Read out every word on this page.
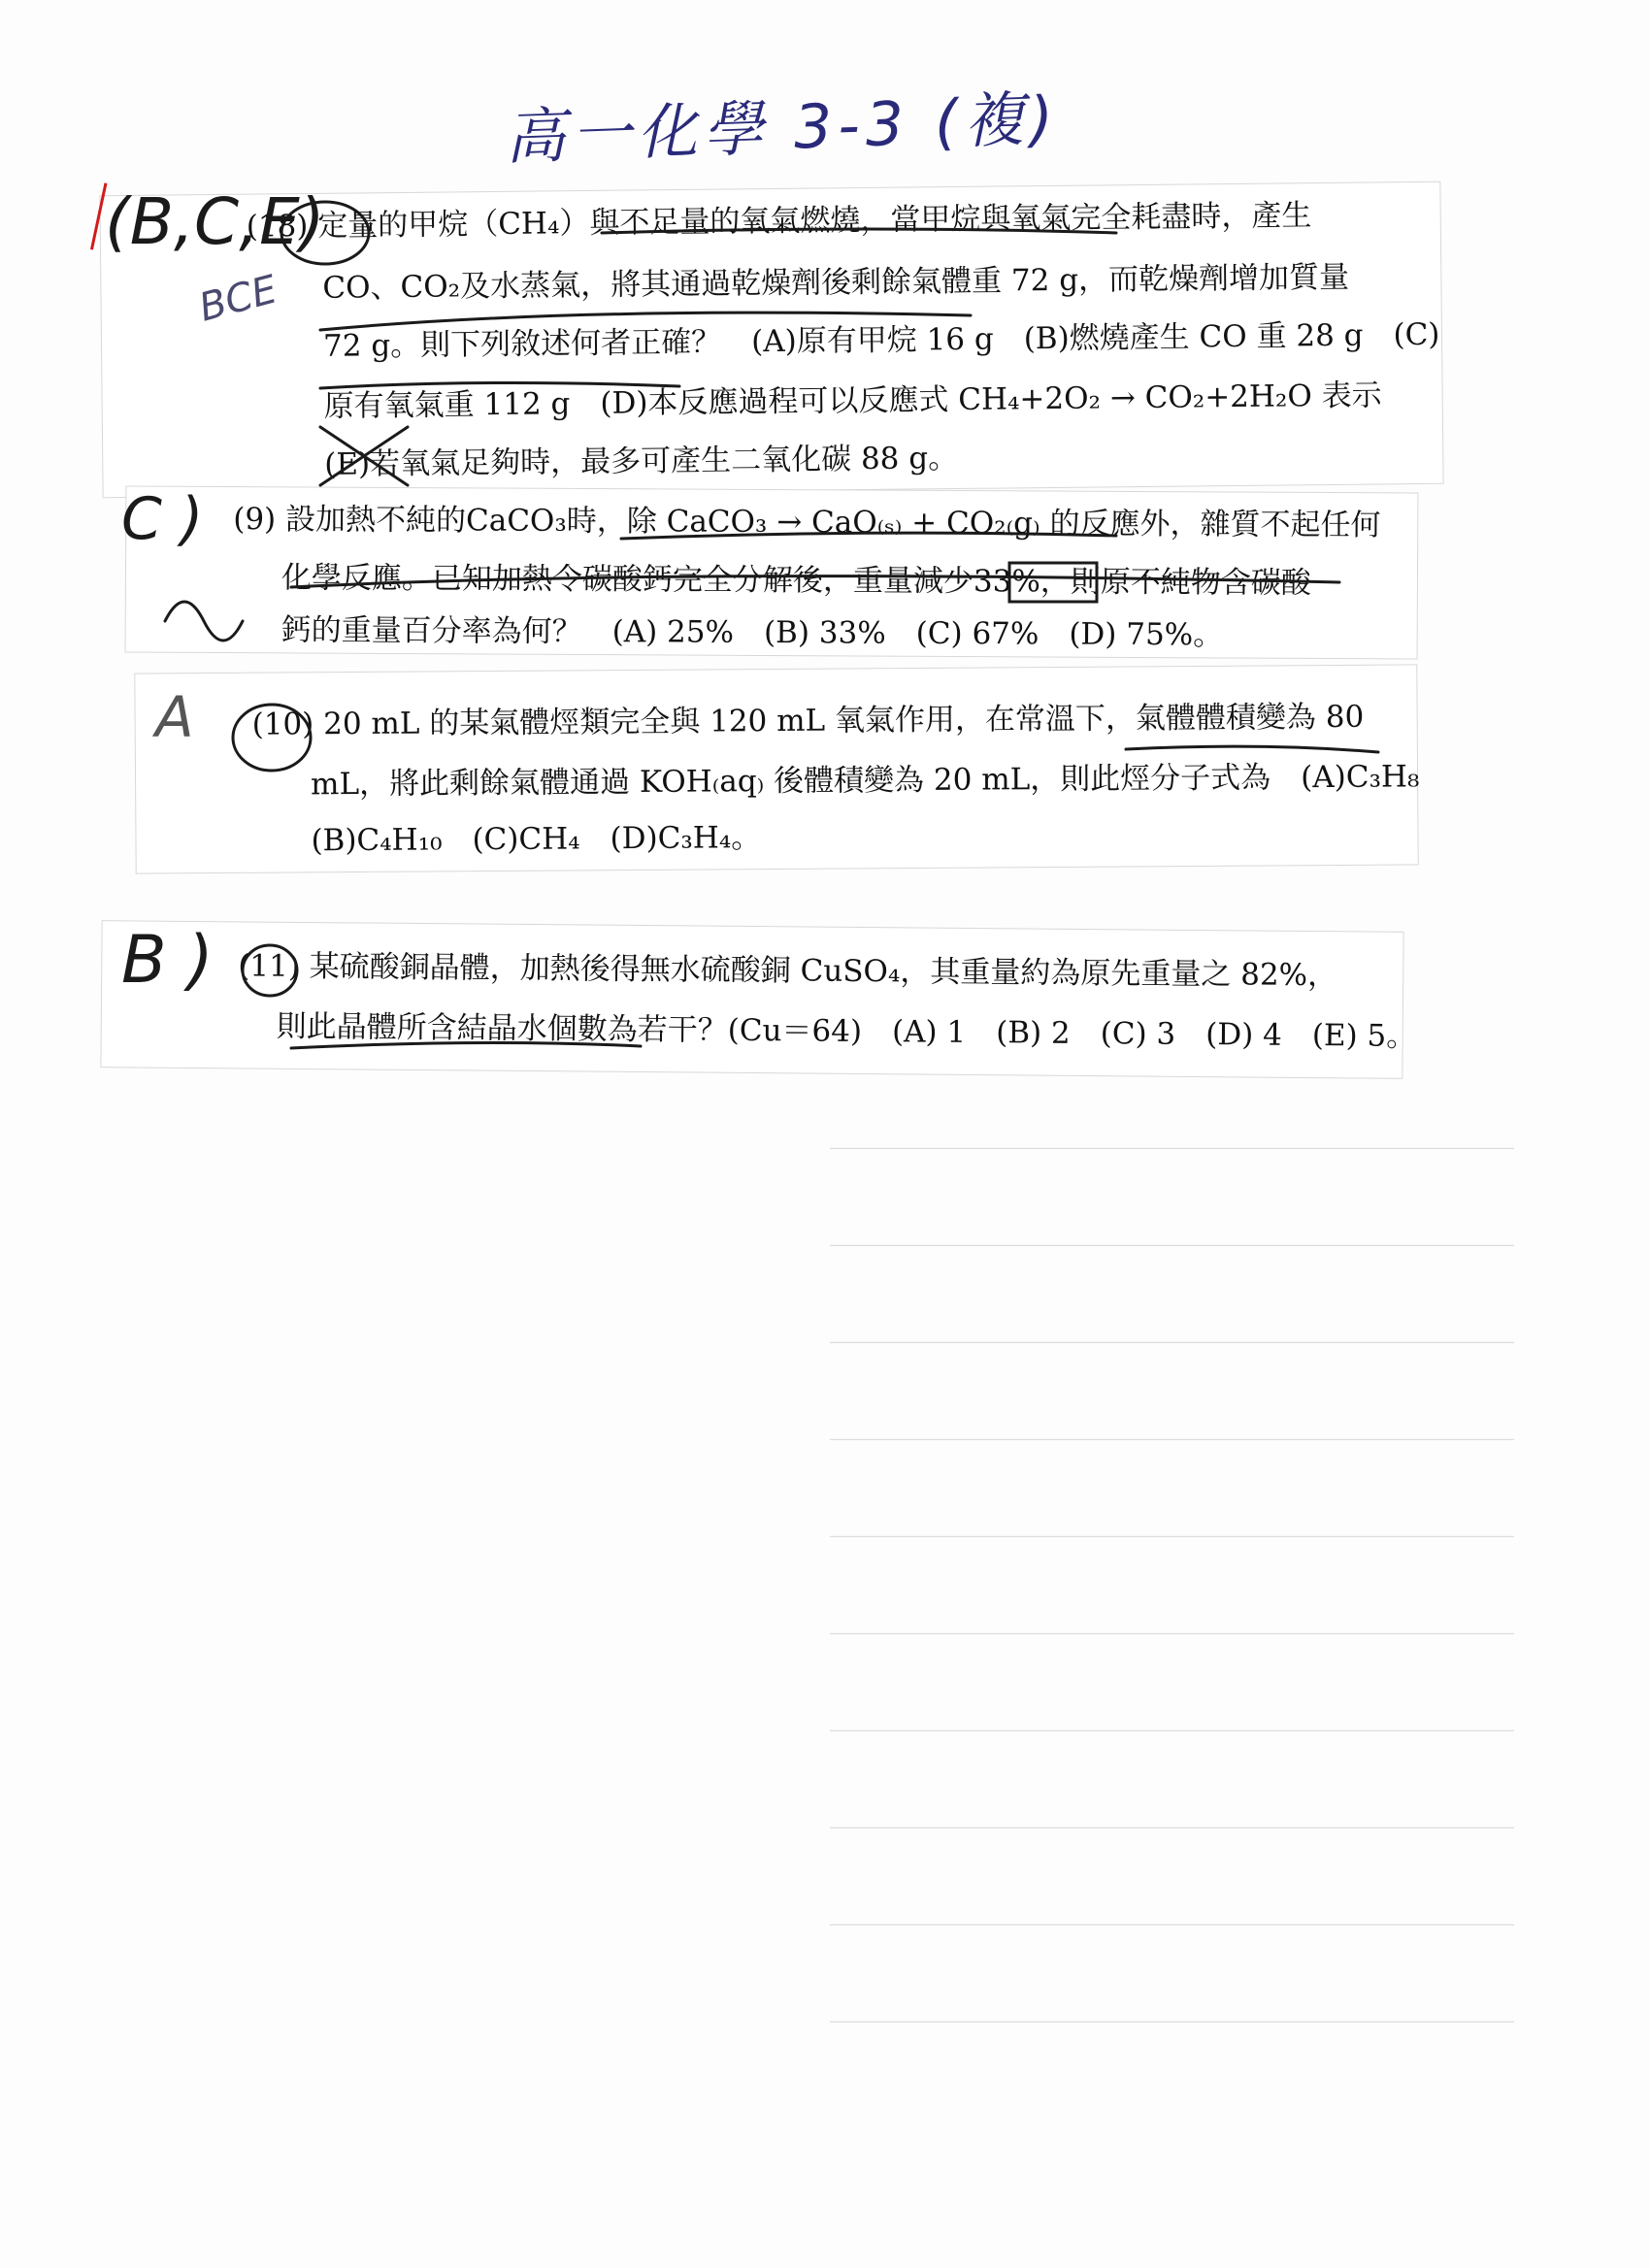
高一化學 3-3 (複)
(18) 定量的甲烷（CH₄）與不足量的氧氣燃燒，當甲烷與氧氣完全耗盡時，產生
CO、CO₂及水蒸氣，將其通過乾燥劑後剩餘氣體重 72 g，而乾燥劑增加質量
72 g。則下列敘述何者正確？　(A)原有甲烷 16 g　(B)燃燒產生 CO 重 28 g　(C)
原有氧氣重 112 g　(D)本反應過程可以反應式 CH₄+2O₂ → CO₂+2H₂O 表示
(E)若氧氣足夠時，最多可產生二氧化碳 88 g。
(9) 設加熱不純的CaCO₃時，除 CaCO₃ → CaO₍ₛ₎ + CO₂₍g₎ 的反應外，雜質不起任何
化學反應。已知加熱令碳酸鈣完全分解後，重量減少33%，則原不純物含碳酸
鈣的重量百分率為何？　(A) 25%　(B) 33%　(C) 67%　(D) 75%。
(10) 20 mL 的某氣體烴類完全與 120 mL 氧氣作用，在常溫下，氣體體積變為 80
mL，將此剩餘氣體通過 KOH₍aq₎ 後體積變為 20 mL，則此烴分子式為　(A)C₃H₈
(B)C₄H₁₀　(C)CH₄　(D)C₃H₄。
(11) 某硫酸銅晶體，加熱後得無水硫酸銅 CuSO₄，其重量約為原先重量之 82%，
則此晶體所含結晶水個數為若干？(Cu＝64)　(A) 1　(B) 2　(C) 3　(D) 4　(E) 5。
(B,C,E)
BCE
C )
A
B )
_______________________________________________
_______________________________________________
_______________________________________________
_______________________________________________
_______________________________________________
_______________________________________________
_______________________________________________
_______________________________________________
_______________________________________________
_______________________________________________
